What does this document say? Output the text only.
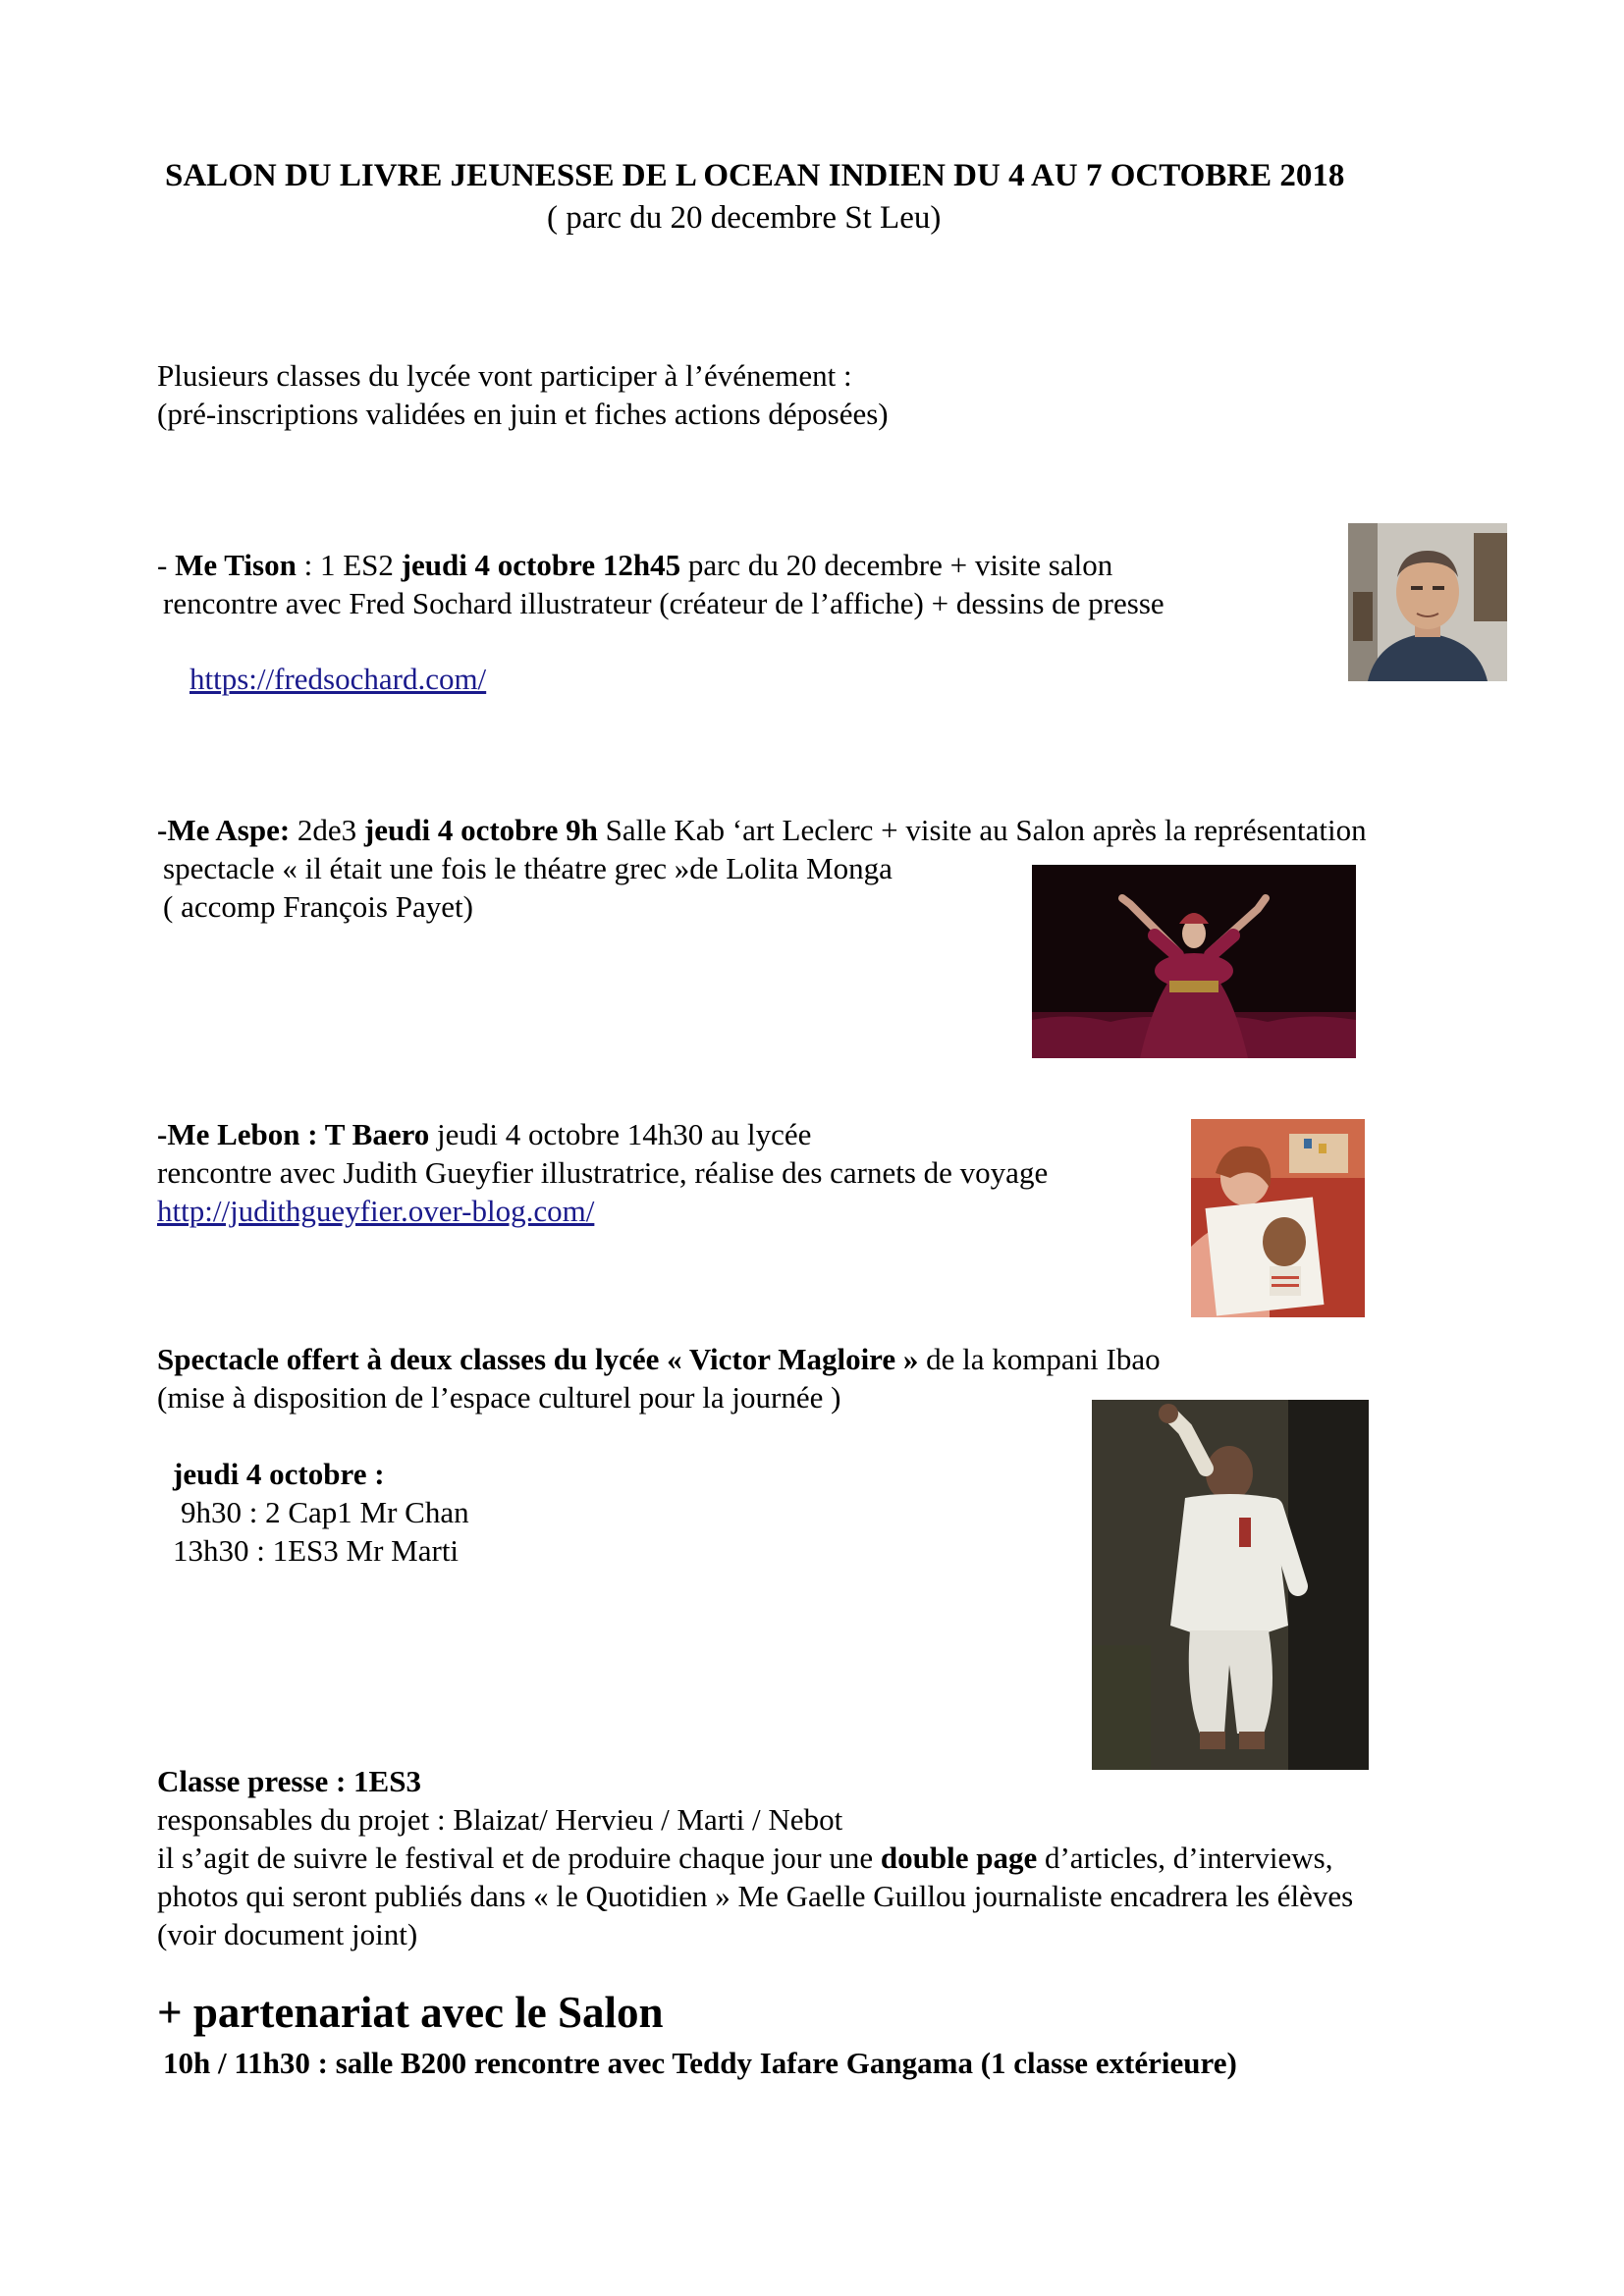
SALON DU LIVRE JEUNESSE DE L OCEAN INDIEN DU 4 AU 7 OCTOBRE 2018
( parc du 20 decembre St Leu)
Plusieurs classes du lycée vont participer à l’événement :
(pré-inscriptions validées en juin et fiches actions déposées)
- Me Tison : 1 ES2 jeudi 4 octobre 12h45 parc du 20 decembre + visite salon
rencontre avec Fred Sochard illustrateur (créateur de l’affiche) + dessins de presse
https://fredsochard.com/
-Me Aspe: 2de3 jeudi 4 octobre 9h Salle Kab ‘art Leclerc + visite au Salon après la représentation
spectacle « il était une fois le théatre grec »de Lolita Monga
( accomp François Payet)
-Me Lebon : T Baero jeudi 4 octobre 14h30 au lycée
rencontre avec Judith Gueyfier illustratrice, réalise des carnets de voyage
http://judithgueyfier.over-blog.com/
Spectacle offert à deux classes du lycée « Victor Magloire » de la kompani Ibao
(mise à disposition de l’espace culturel pour la journée )
jeudi 4 octobre :
9h30 : 2 Cap1 Mr Chan
13h30 : 1ES3 Mr Marti
Classe presse : 1ES3
responsables du projet : Blaizat/ Hervieu / Marti / Nebot
il s’agit de suivre le festival et de produire chaque jour une double page d’articles, d’interviews,
photos qui seront publiés dans « le Quotidien » Me Gaelle Guillou journaliste encadrera les élèves
(voir document joint)
+ partenariat avec le Salon
10h / 11h30 : salle B200 rencontre avec Teddy Iafare Gangama (1 classe extérieure)
